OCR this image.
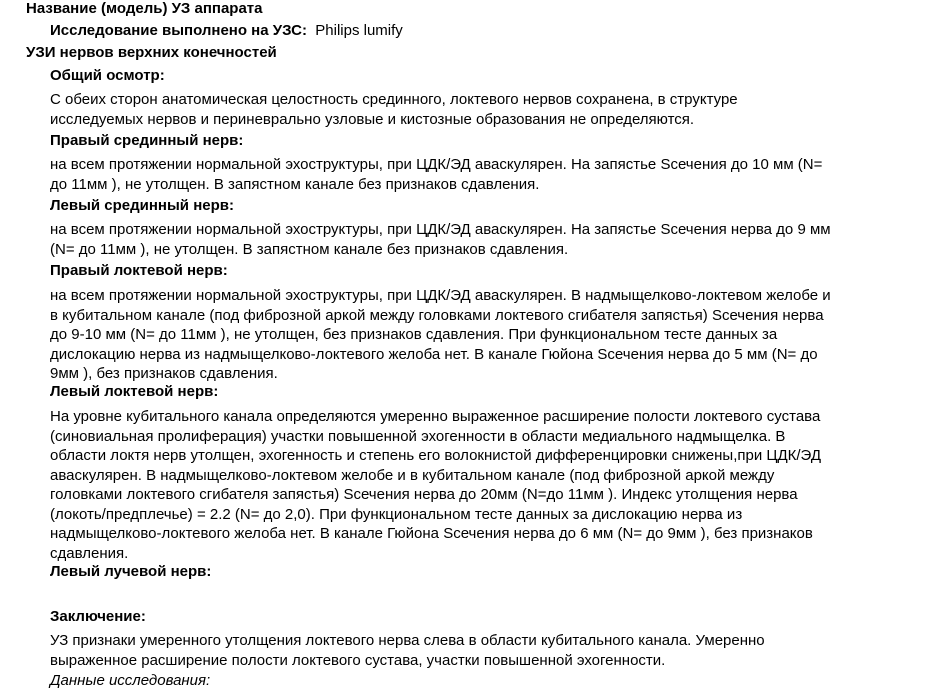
Название (модель) УЗ аппарата
Исследование выполнено на УЗС: Philips lumify
УЗИ нервов верхних конечностей
Общий осмотр:
С обеих сторон анатомическая целостность срединного, локтевого нервов сохранена, в структуре
исследуемых нервов и периневрально узловые и кистозные образования не определяются.
Правый срединный нерв:
на всем протяжении нормальной эхоструктуры, при ЦДК/ЭД аваскулярен. На запястье Sсечения до 10 мм (N=
до 11мм ), не утолщен. В запястном канале без признаков сдавления.
Левый срединный нерв:
на всем протяжении нормальной эхоструктуры, при ЦДК/ЭД аваскулярен. На запястье Sсечения нерва до 9 мм
(N= до 11мм ), не утолщен. В запястном канале без признаков сдавления.
Правый локтевой нерв:
на всем протяжении нормальной эхоструктуры, при ЦДК/ЭД аваскулярен. В надмыщелково-локтевом желобе и
в кубитальном канале (под фиброзной аркой между головками локтевого сгибателя запястья) Sсечения нерва
до 9-10 мм (N= до 11мм ), не утолщен, без признаков сдавления. При функциональном тесте данных за
дислокацию нерва из надмыщелково-локтевого желоба нет. В канале Гюйона Sсечения нерва до 5 мм (N= до
9мм ), без признаков сдавления.
Левый локтевой нерв:
На уровне кубитального канала определяются умеренно выраженное расширение полости локтевого сустава
(синовиальная пролиферация) участки повышенной эхогенности в области медиального надмыщелка. В
области локтя нерв утолщен, эхогенность и степень его волокнистой дифференцировки снижены,при ЦДК/ЭД
аваскулярен. В надмыщелково-локтевом желобе и в кубитальном канале (под фиброзной аркой между
головками локтевого сгибателя запястья) Sсечения нерва до 20мм (N=до 11мм ). Индекс утолщения нерва
(локоть/предплечье) = 2.2 (N= до 2,0). При функциональном тесте данных за дислокацию нерва из
надмыщелково-локтевого желоба нет. В канале Гюйона Sсечения нерва до 6 мм (N= до 9мм ), без признаков
сдавления.
Левый лучевой нерв:
Заключение:
УЗ признаки умеренного утолщения локтевого нерва слева в области кубитального канала. Умеренно
выраженное расширение полости локтевого сустава, участки повышенной эхогенности.
Данные исследования:
